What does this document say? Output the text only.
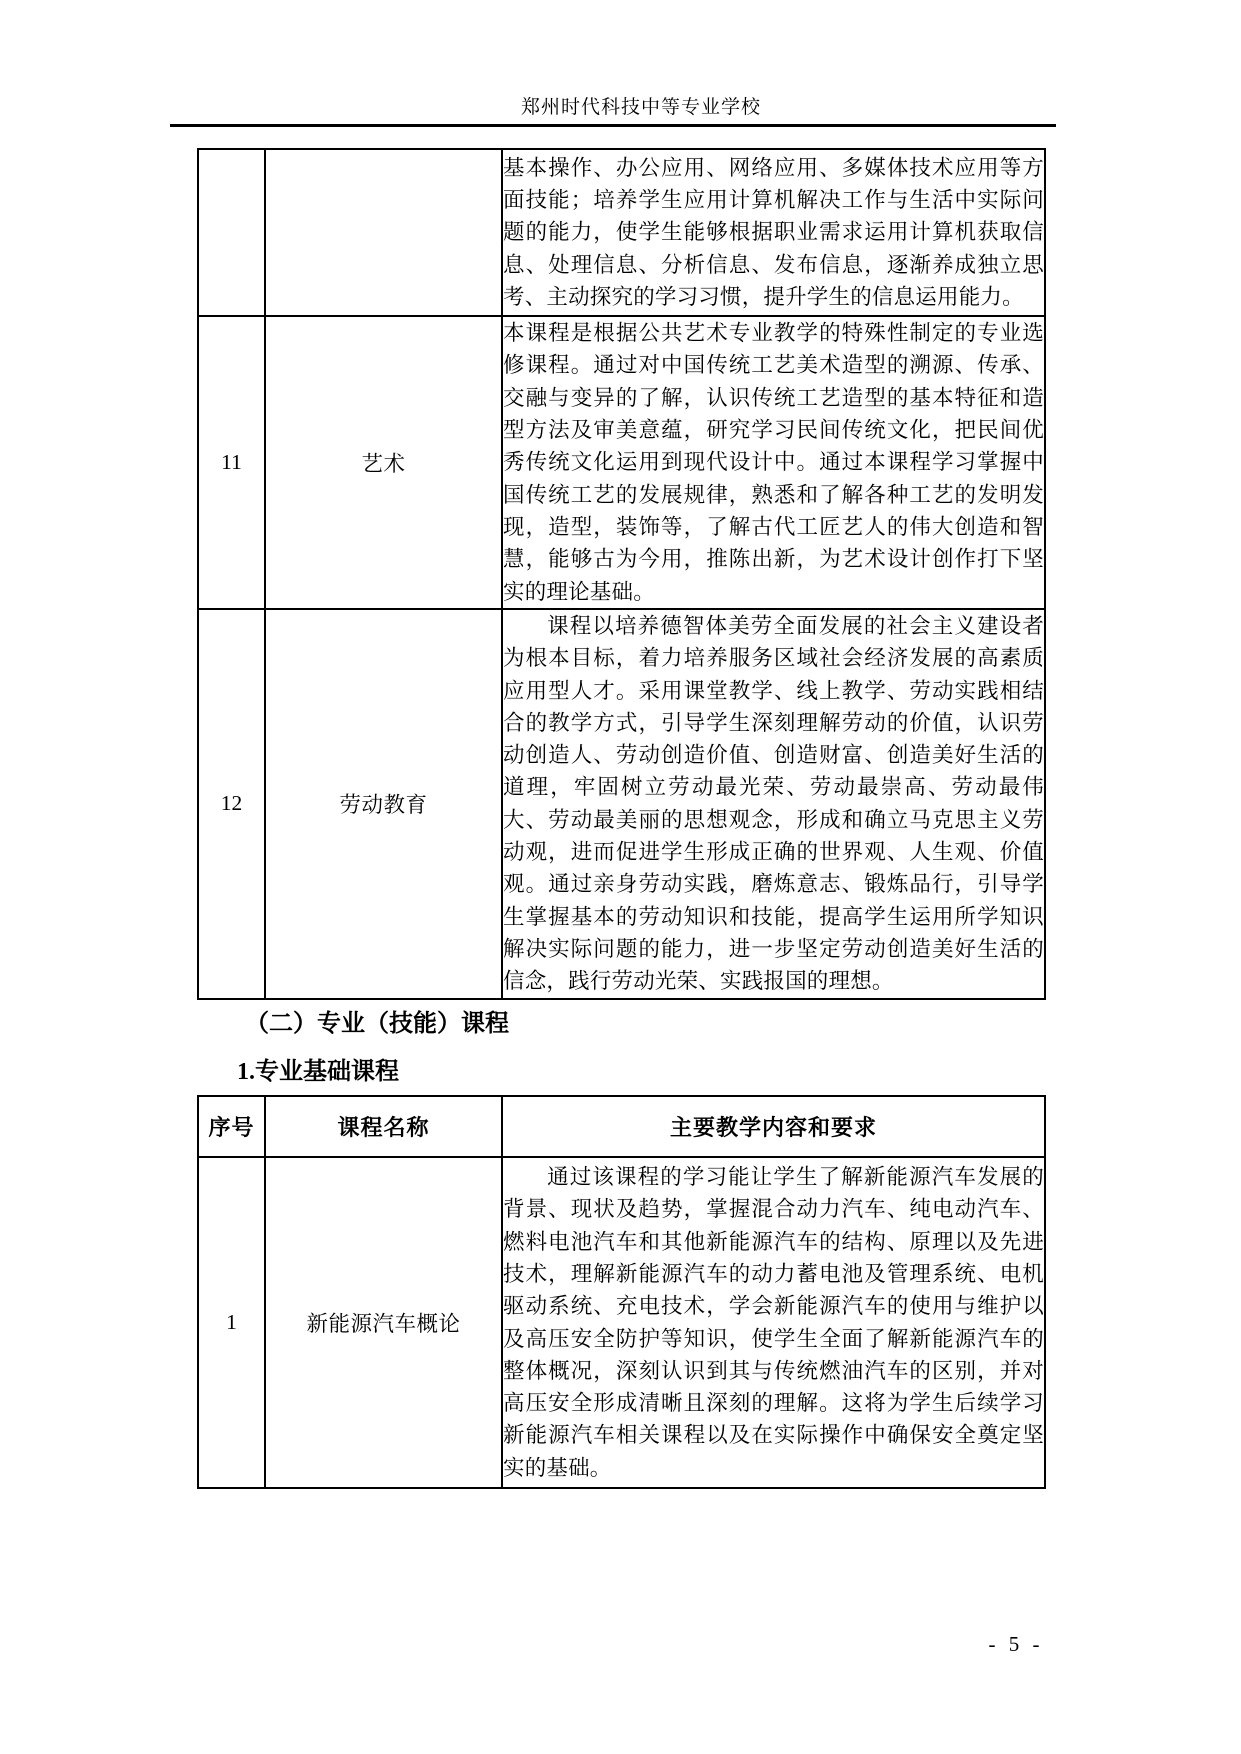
郑州时代科技中等专业学校

		基本操作、办公应用、网络应用、多媒体技术应用等方面技能；培养学生应用计算机解决工作与生活中实际问题的能力，使学生能够根据职业需求运用计算机获取信息、处理信息、分析信息、发布信息，逐渐养成独立思考、主动探究的学习习惯，提升学生的信息运用能力。

11	艺术	本课程是根据公共艺术专业教学的特殊性制定的专业选修课程。通过对中国传统工艺美术造型的溯源、传承、交融与变异的了解，认识传统工艺造型的基本特征和造型方法及审美意蕴，研究学习民间传统文化，把民间优秀传统文化运用到现代设计中。通过本课程学习掌握中国传统工艺的发展规律，熟悉和了解各种工艺的发明发现，造型，装饰等，了解古代工匠艺人的伟大创造和智慧，能够古为今用，推陈出新，为艺术设计创作打下坚实的理论基础。

12	劳动教育	课程以培养德智体美劳全面发展的社会主义建设者为根本目标，着力培养服务区域社会经济发展的高素质应用型人才。采用课堂教学、线上教学、劳动实践相结合的教学方式，引导学生深刻理解劳动的价值，认识劳动创造人、劳动创造价值、创造财富、创造美好生活的道理，牢固树立劳动最光荣、劳动最崇高、劳动最伟大、劳动最美丽的思想观念，形成和确立马克思主义劳动观，进而促进学生形成正确的世界观、人生观、价值观。通过亲身劳动实践，磨炼意志、锻炼品行，引导学生掌握基本的劳动知识和技能，提高学生运用所学知识解决实际问题的能力，进一步坚定劳动创造美好生活的信念，践行劳动光荣、实践报国的理想。

（二）专业（技能）课程
1.专业基础课程
序号	课程名称	主要教学内容和要求
1	新能源汽车概论	通过该课程的学习能让学生了解新能源汽车发展的背景、现状及趋势，掌握混合动力汽车、纯电动汽车、燃料电池汽车和其他新能源汽车的结构、原理以及先进技术，理解新能源汽车的动力蓄电池及管理系统、电机驱动系统、充电技术，学会新能源汽车的使用与维护以及高压安全防护等知识，使学生全面了解新能源汽车的整体概况，深刻认识到其与传统燃油汽车的区别，并对高压安全形成清晰且深刻的理解。这将为学生后续学习新能源汽车相关课程以及在实际操作中确保安全奠定坚实的基础。

- 5 -
